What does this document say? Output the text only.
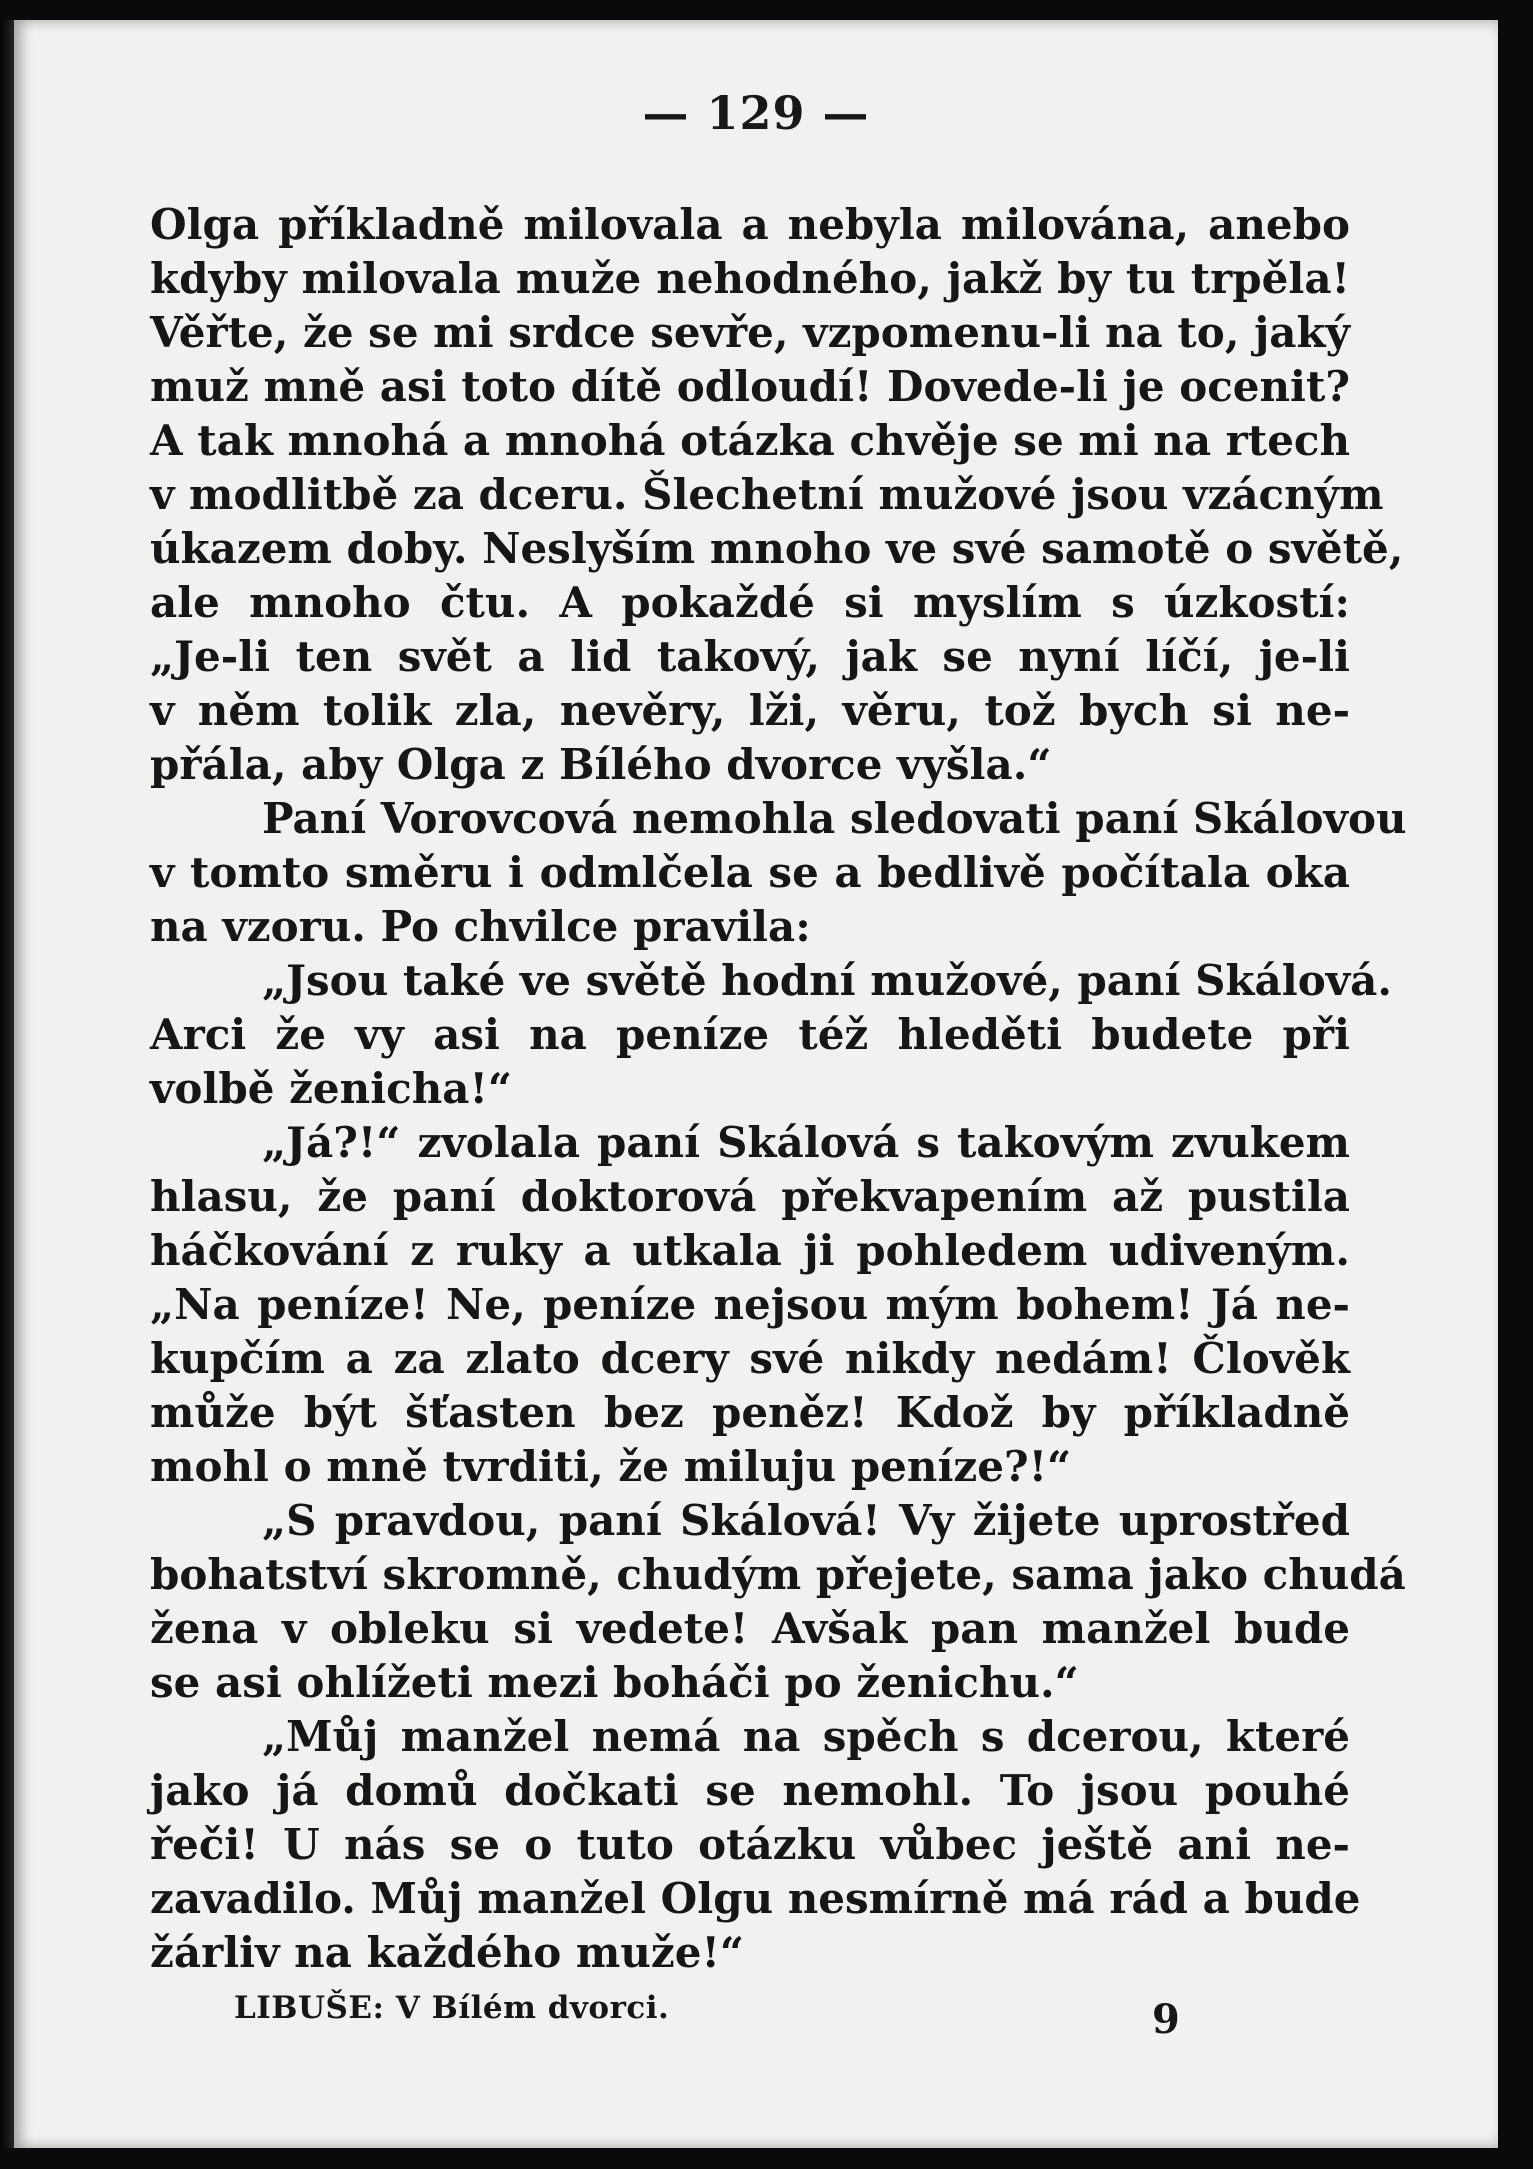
— 129 —
Olga příkladně milovala a nebyla milována, anebo
kdyby milovala muže nehodného, jakž by tu trpěla!
Věřte, že se mi srdce sevře, vzpomenu-li na to, jaký
muž mně asi toto dítě odloudí! Dovede-li je ocenit?
A tak mnohá a mnohá otázka chvěje se mi na rtech
v modlitbě za dceru. Šlechetní mužové jsou vzácným
úkazem doby. Neslyším mnoho ve své samotě o světě,
ale mnoho čtu. A pokaždé si myslím s úzkostí:
„Je-li ten svět a lid takový, jak se nyní líčí, je-li
v něm tolik zla, nevěry, lži, věru, tož bych si ne-
přála, aby Olga z Bílého dvorce vyšla.“
Paní Vorovcová nemohla sledovati paní Skálovou
v tomto směru i odmlčela se a bedlivě počítala oka
na vzoru. Po chvilce pravila:
„Jsou také ve světě hodní mužové, paní Skálová.
Arci že vy asi na peníze též hleděti budete při
volbě ženicha!“
„Já?!“ zvolala paní Skálová s takovým zvukem
hlasu, že paní doktorová překvapením až pustila
háčkování z ruky a utkala ji pohledem udiveným.
„Na peníze! Ne, peníze nejsou mým bohem! Já ne-
kupčím a za zlato dcery své nikdy nedám! Člověk
může být šťasten bez peněz! Kdož by příkladně
mohl o mně tvrditi, že miluju peníze?!“
„S pravdou, paní Skálová! Vy žijete uprostřed
bohatství skromně, chudým přejete, sama jako chudá
žena v obleku si vedete! Avšak pan manžel bude
se asi ohlížeti mezi boháči po ženichu.“
„Můj manžel nemá na spěch s dcerou, které
jako já domů dočkati se nemohl. To jsou pouhé
řeči! U nás se o tuto otázku vůbec ještě ani ne-
zavadilo. Můj manžel Olgu nesmírně má rád a bude
žárliv na každého muže!“
LIBUŠE: V Bílém dvorci.	9
